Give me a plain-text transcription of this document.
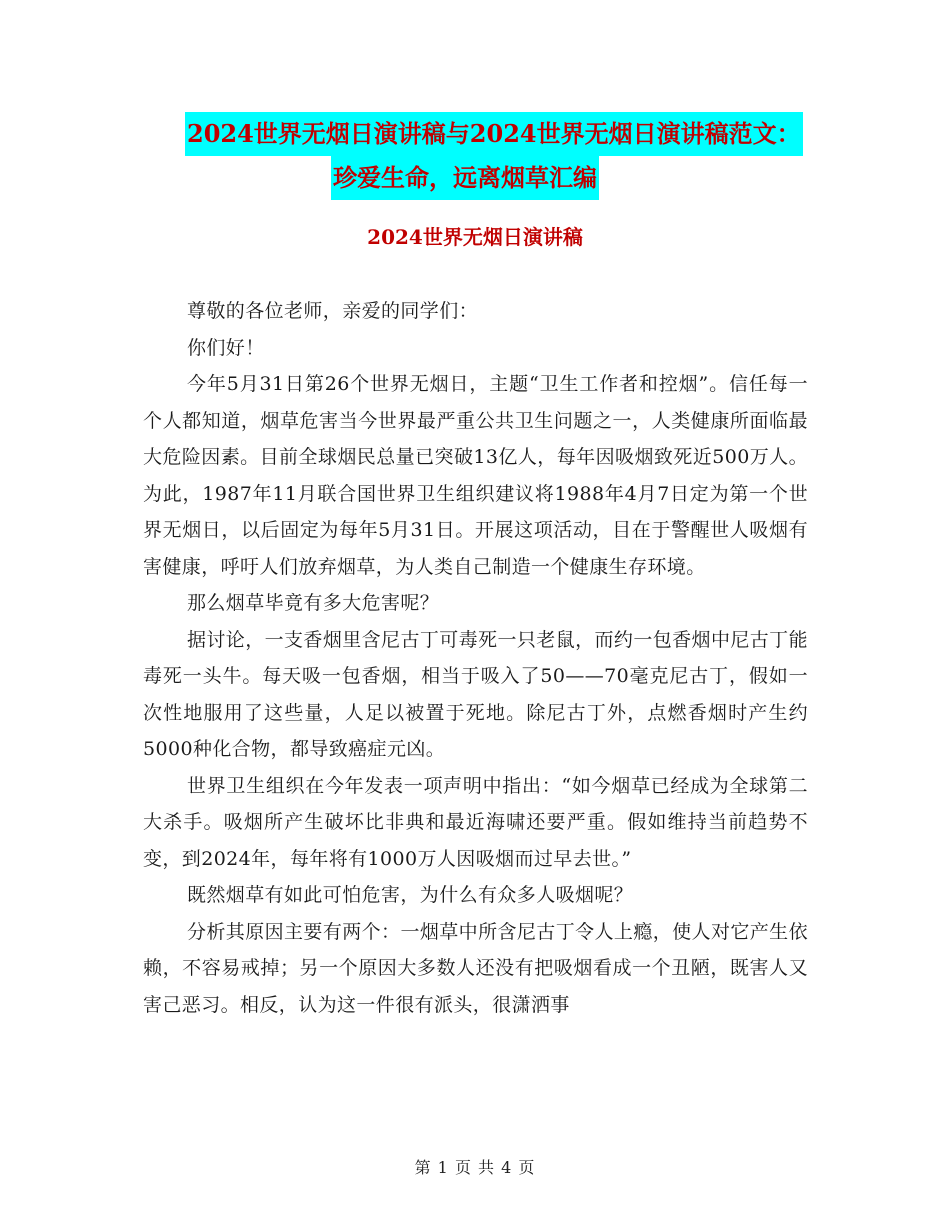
2024世界无烟日演讲稿与2024世界无烟日演讲稿范文：
珍爱生命，远离烟草汇编
2024世界无烟日演讲稿

尊敬的各位老师，亲爱的同学们：

你们好！

今年5月31日第26个世界无烟日，主题“卫生工作者和控烟”。信任每一个人都知道，烟草危害当今世界最严重公共卫生问题之一，人类健康所面临最大危险因素。目前全球烟民总量已突破13亿人，每年因吸烟致死近500万人。为此，1987年11月联合国世界卫生组织建议将1988年4月7日定为第一个世界无烟日，以后固定为每年5月31日。开展这项活动，目在于警醒世人吸烟有害健康，呼吁人们放弃烟草，为人类自己制造一个健康生存环境。

那么烟草毕竟有多大危害呢？

据讨论，一支香烟里含尼古丁可毒死一只老鼠，而约一包香烟中尼古丁能毒死一头牛。每天吸一包香烟，相当于吸入了50——70毫克尼古丁，假如一次性地服用了这些量，人足以被置于死地。除尼古丁外，点燃香烟时产生约5000种化合物，都导致癌症元凶。

世界卫生组织在今年发表一项声明中指出：“如今烟草已经成为全球第二大杀手。吸烟所产生破坏比非典和最近海啸还要严重。假如维持当前趋势不变，到2024年，每年将有1000万人因吸烟而过早去世。”

既然烟草有如此可怕危害，为什么有众多人吸烟呢？

分析其原因主要有两个：一烟草中所含尼古丁令人上瘾，使人对它产生依赖，不容易戒掉；另一个原因大多数人还没有把吸烟看成一个丑陋，既害人又害己恶习。相反，认为这一件很有派头，很潇洒事

第 1 页 共 4 页
